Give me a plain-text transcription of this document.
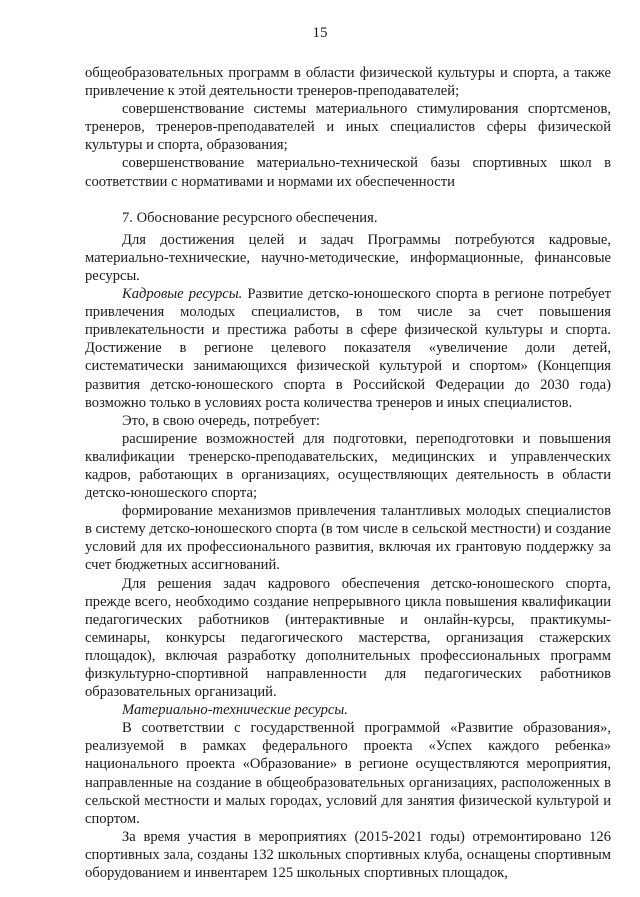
15

общеобразовательных программ в области физической культуры и спорта, а также привлечение к этой деятельности тренеров-преподавателей;

совершенствование системы материального стимулирования спортсменов, тренеров, тренеров-преподавателей и иных специалистов сферы физической культуры и спорта, образования;

совершенствование материально-технической базы спортивных школ в соответствии с нормативами и нормами их обеспеченности

7. Обоснование ресурсного обеспечения.

Для достижения целей и задач Программы потребуются кадровые, материально-технические, научно-методические, информационные, финансовые ресурсы.

Кадровые ресурсы. Развитие детско-юношеского спорта в регионе потребует привлечения молодых специалистов, в том числе за счет повышения привлекательности и престижа работы в сфере физической культуры и спорта. Достижение в регионе целевого показателя «увеличение доли детей, систематически занимающихся физической культурой и спортом» (Концепция развития детско-юношеского спорта в Российской Федерации до 2030 года) возможно только в условиях роста количества тренеров и иных специалистов.

Это, в свою очередь, потребует:

расширение возможностей для подготовки, переподготовки и повышения квалификации тренерско-преподавательских, медицинских и управленческих кадров, работающих в организациях, осуществляющих деятельность в области детско-юношеского спорта;

формирование механизмов привлечения талантливых молодых специалистов в систему детско-юношеского спорта (в том числе в сельской местности) и создание условий для их профессионального развития, включая их грантовую поддержку за счет бюджетных ассигнований.

Для решения задач кадрового обеспечения детско-юношеского спорта, прежде всего, необходимо создание непрерывного цикла повышения квалификации педагогических работников (интерактивные и онлайн-курсы, практикумы-семинары, конкурсы педагогического мастерства, организация стажерских площадок), включая разработку дополнительных профессиональных программ физкультурно-спортивной направленности для педагогических работников образовательных организаций.

Материально-технические ресурсы.

В соответствии с государственной программой «Развитие образования», реализуемой в рамках федерального проекта «Успех каждого ребенка» национального проекта «Образование» в регионе осуществляются мероприятия, направленные на создание в общеобразовательных организациях, расположенных в сельской местности и малых городах, условий для занятия физической культурой и спортом.

За время участия в мероприятиях (2015-2021 годы) отремонтировано 126 спортивных зала, созданы 132 школьных спортивных клуба, оснащены спортивным оборудованием и инвентарем 125 школьных спортивных площадок,
